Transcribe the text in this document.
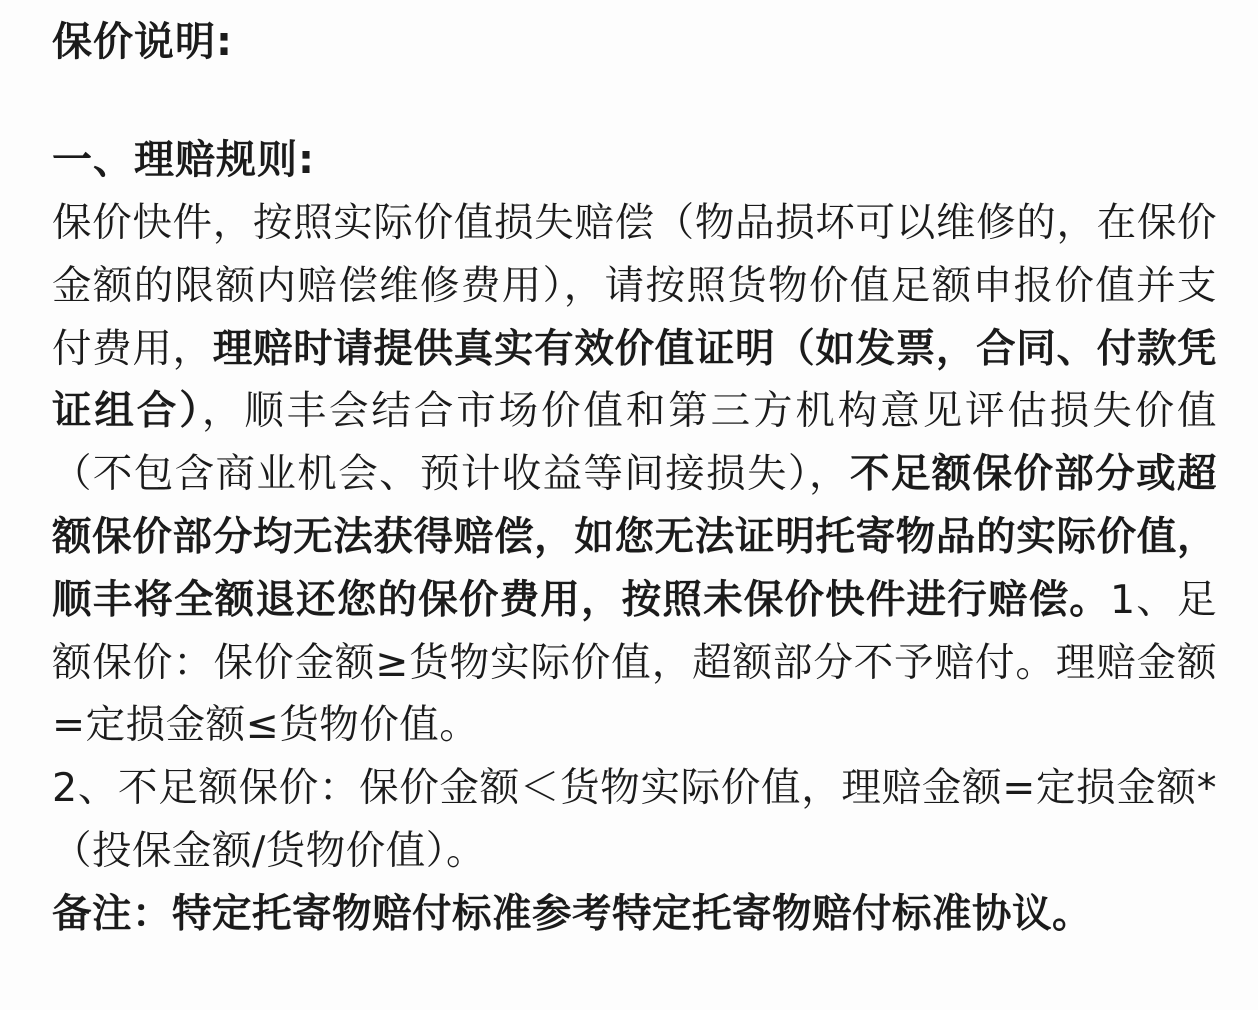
保价说明:
一、理赔规则:

保价快件，按照实际价值损失赔偿（物品损坏可以维修的，在保价金额的限额内赔偿维修费用），请按照货物价值足额申报价值并支付费用，理赔时请提供真实有效价值证明（如发票，合同、付款凭证组合），顺丰会结合市场价值和第三方机构意见评估损失价值（不包含商业机会、预计收益等间接损失），不足额保价部分或超额保价部分均无法获得赔偿，如您无法证明托寄物品的实际价值，顺丰将全额退还您的保价费用，按照未保价快件进行赔偿。1、足额保价：保价金额≥货物实际价值，超额部分不予赔付。理赔金额=定损金额≤货物价值。

2、不足额保价：保价金额＜货物实际价值，理赔金额=定损金额*（投保金额/货物价值）。

备注：特定托寄物赔付标准参考特定托寄物赔付标准协议。
